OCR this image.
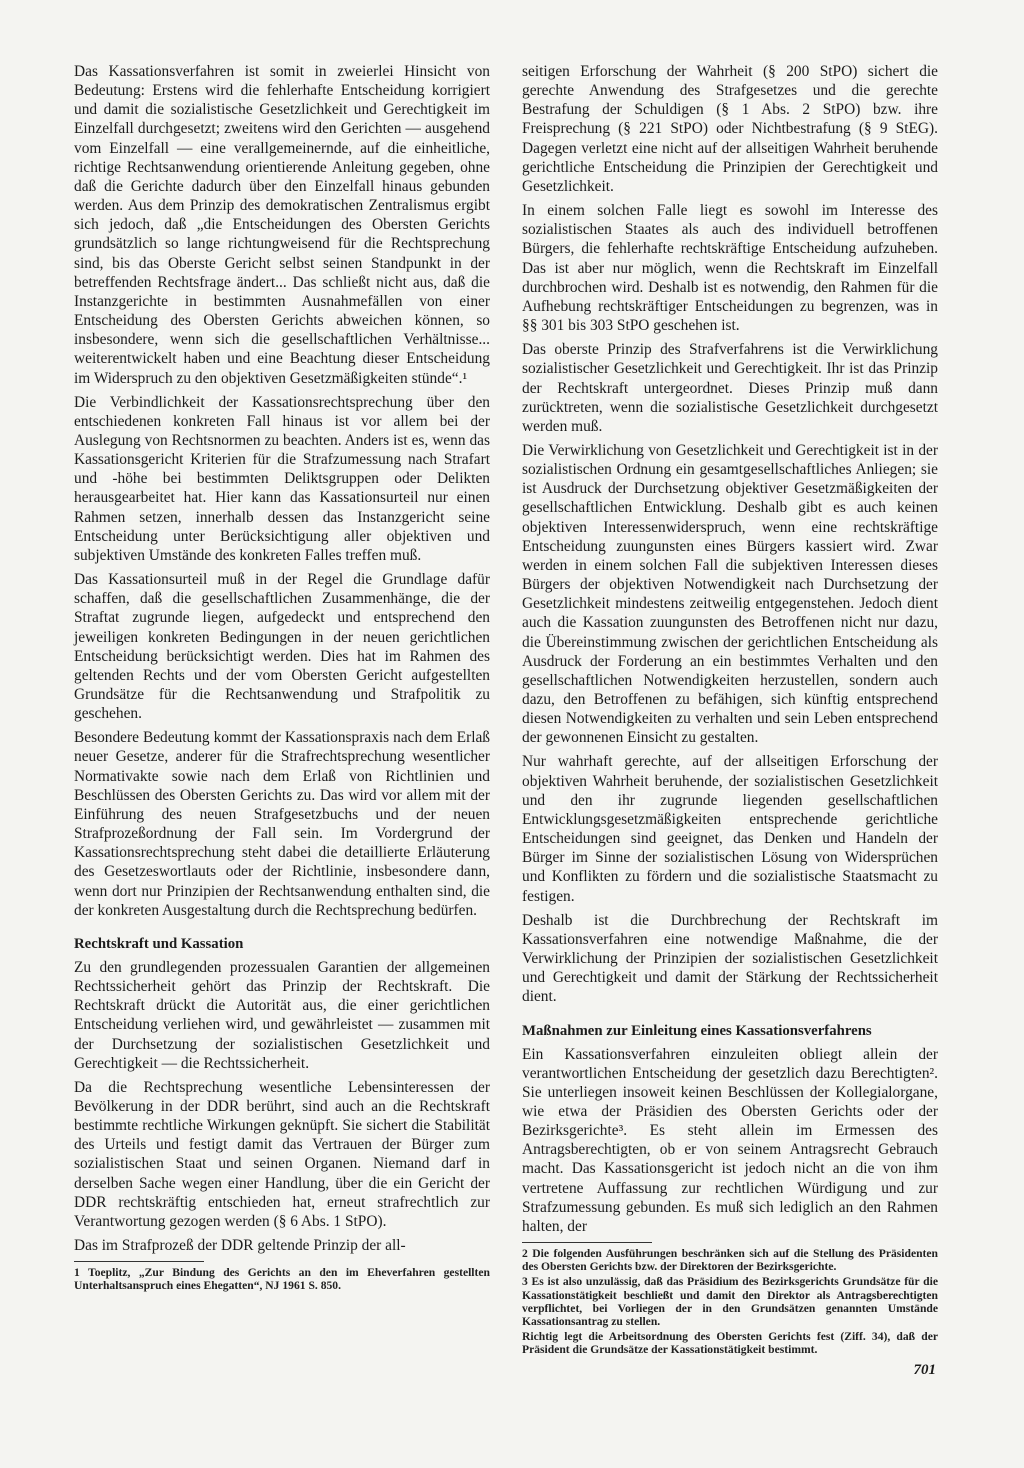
Das Kassationsverfahren ist somit in zweierlei Hinsicht von Bedeutung: Erstens wird die fehlerhafte Entscheidung korrigiert und damit die sozialistische Gesetzlichkeit und Gerechtigkeit im Einzelfall durchgesetzt; zweitens wird den Gerichten — ausgehend vom Einzelfall — eine verallgemeinernde, auf die einheitliche, richtige Rechtsanwendung orientierende Anleitung gegeben, ohne daß die Gerichte dadurch über den Einzelfall hinaus gebunden werden. Aus dem Prinzip des demokratischen Zentralismus ergibt sich jedoch, daß „die Entscheidungen des Obersten Gerichts grundsätzlich so lange richtungweisend für die Rechtsprechung sind, bis das Oberste Gericht selbst seinen Standpunkt in der betreffenden Rechtsfrage ändert... Das schließt nicht aus, daß die Instanzgerichte in bestimmten Ausnahmefällen von einer Entscheidung des Obersten Gerichts abweichen können, so insbesondere, wenn sich die gesellschaftlichen Verhältnisse... weiterentwickelt haben und eine Beachtung dieser Entscheidung im Widerspruch zu den objektiven Gesetzmäßigkeiten stünde“.¹

Die Verbindlichkeit der Kassationsrechtsprechung über den entschiedenen konkreten Fall hinaus ist vor allem bei der Auslegung von Rechtsnormen zu beachten. Anders ist es, wenn das Kassationsgericht Kriterien für die Strafzumessung nach Strafart und -höhe bei bestimmten Deliktsgruppen oder Delikten herausgearbeitet hat. Hier kann das Kassationsurteil nur einen Rahmen setzen, innerhalb dessen das Instanzgericht seine Entscheidung unter Berücksichtigung aller objektiven und subjektiven Umstände des konkreten Falles treffen muß.

Das Kassationsurteil muß in der Regel die Grundlage dafür schaffen, daß die gesellschaftlichen Zusammenhänge, die der Straftat zugrunde liegen, aufgedeckt und entsprechend den jeweiligen konkreten Bedingungen in der neuen gerichtlichen Entscheidung berücksichtigt werden. Dies hat im Rahmen des geltenden Rechts und der vom Obersten Gericht aufgestellten Grundsätze für die Rechtsanwendung und Strafpolitik zu geschehen.

Besondere Bedeutung kommt der Kassationspraxis nach dem Erlaß neuer Gesetze, anderer für die Strafrechtsprechung wesentlicher Normativakte sowie nach dem Erlaß von Richtlinien und Beschlüssen des Obersten Gerichts zu. Das wird vor allem mit der Einführung des neuen Strafgesetzbuchs und der neuen Strafprozeßordnung der Fall sein. Im Vordergrund der Kassationsrechtsprechung steht dabei die detaillierte Erläuterung des Gesetzeswortlauts oder der Richtlinie, insbesondere dann, wenn dort nur Prinzipien der Rechtsanwendung enthalten sind, die der konkreten Ausgestaltung durch die Rechtsprechung bedürfen.

Rechtskraft und Kassation

Zu den grundlegenden prozessualen Garantien der allgemeinen Rechtssicherheit gehört das Prinzip der Rechtskraft. Die Rechtskraft drückt die Autorität aus, die einer gerichtlichen Entscheidung verliehen wird, und gewährleistet — zusammen mit der Durchsetzung der sozialistischen Gesetzlichkeit und Gerechtigkeit — die Rechtssicherheit.

Da die Rechtsprechung wesentliche Lebensinteressen der Bevölkerung in der DDR berührt, sind auch an die Rechtskraft bestimmte rechtliche Wirkungen geknüpft. Sie sichert die Stabilität des Urteils und festigt damit das Vertrauen der Bürger zum sozialistischen Staat und seinen Organen. Niemand darf in derselben Sache wegen einer Handlung, über die ein Gericht der DDR rechtskräftig entschieden hat, erneut strafrechtlich zur Verantwortung gezogen werden (§ 6 Abs. 1 StPO).

Das im Strafprozeß der DDR geltende Prinzip der all-

1 Toeplitz, „Zur Bindung des Gerichts an den im Eheverfahren gestellten Unterhaltsanspruch eines Ehegatten“, NJ 1961 S. 850.

seitigen Erforschung der Wahrheit (§ 200 StPO) sichert die gerechte Anwendung des Strafgesetzes und die gerechte Bestrafung der Schuldigen (§ 1 Abs. 2 StPO) bzw. ihre Freisprechung (§ 221 StPO) oder Nichtbestrafung (§ 9 StEG). Dagegen verletzt eine nicht auf der allseitigen Wahrheit beruhende gerichtliche Entscheidung die Prinzipien der Gerechtigkeit und Gesetzlichkeit.

In einem solchen Falle liegt es sowohl im Interesse des sozialistischen Staates als auch des individuell betroffenen Bürgers, die fehlerhafte rechtskräftige Entscheidung aufzuheben. Das ist aber nur möglich, wenn die Rechtskraft im Einzelfall durchbrochen wird. Deshalb ist es notwendig, den Rahmen für die Aufhebung rechtskräftiger Entscheidungen zu begrenzen, was in §§ 301 bis 303 StPO geschehen ist.

Das oberste Prinzip des Strafverfahrens ist die Verwirklichung sozialistischer Gesetzlichkeit und Gerechtigkeit. Ihr ist das Prinzip der Rechtskraft untergeordnet. Dieses Prinzip muß dann zurücktreten, wenn die sozialistische Gesetzlichkeit durchgesetzt werden muß.

Die Verwirklichung von Gesetzlichkeit und Gerechtigkeit ist in der sozialistischen Ordnung ein gesamtgesellschaftliches Anliegen; sie ist Ausdruck der Durchsetzung objektiver Gesetzmäßigkeiten der gesellschaftlichen Entwicklung. Deshalb gibt es auch keinen objektiven Interessenwiderspruch, wenn eine rechtskräftige Entscheidung zuungunsten eines Bürgers kassiert wird. Zwar werden in einem solchen Fall die subjektiven Interessen dieses Bürgers der objektiven Notwendigkeit nach Durchsetzung der Gesetzlichkeit mindestens zeitweilig entgegenstehen. Jedoch dient auch die Kassation zuungunsten des Betroffenen nicht nur dazu, die Übereinstimmung zwischen der gerichtlichen Entscheidung als Ausdruck der Forderung an ein bestimmtes Verhalten und den gesellschaftlichen Notwendigkeiten herzustellen, sondern auch dazu, den Betroffenen zu befähigen, sich künftig entsprechend diesen Notwendigkeiten zu verhalten und sein Leben entsprechend der gewonnenen Einsicht zu gestalten.

Nur wahrhaft gerechte, auf der allseitigen Erforschung der objektiven Wahrheit beruhende, der sozialistischen Gesetzlichkeit und den ihr zugrunde liegenden gesellschaftlichen Entwicklungsgesetzmäßigkeiten entsprechende gerichtliche Entscheidungen sind geeignet, das Denken und Handeln der Bürger im Sinne der sozialistischen Lösung von Widersprüchen und Konflikten zu fördern und die sozialistische Staatsmacht zu festigen.

Deshalb ist die Durchbrechung der Rechtskraft im Kassationsverfahren eine notwendige Maßnahme, die der Verwirklichung der Prinzipien der sozialistischen Gesetzlichkeit und Gerechtigkeit und damit der Stärkung der Rechtssicherheit dient.

Maßnahmen zur Einleitung eines Kassationsverfahrens

Ein Kassationsverfahren einzuleiten obliegt allein der verantwortlichen Entscheidung der gesetzlich dazu Berechtigten². Sie unterliegen insoweit keinen Beschlüssen der Kollegialorgane, wie etwa der Präsidien des Obersten Gerichts oder der Bezirksgerichte³. Es steht allein im Ermessen des Antragsberechtigten, ob er von seinem Antragsrecht Gebrauch macht. Das Kassationsgericht ist jedoch nicht an die von ihm vertretene Auffassung zur rechtlichen Würdigung und zur Strafzumessung gebunden. Es muß sich lediglich an den Rahmen halten, der

2 Die folgenden Ausführungen beschränken sich auf die Stellung des Präsidenten des Obersten Gerichts bzw. der Direktoren der Bezirksgerichte.

3 Es ist also unzulässig, daß das Präsidium des Bezirksgerichts Grundsätze für die Kassationstätigkeit beschließt und damit den Direktor als Antragsberechtigten verpflichtet, bei Vorliegen der in den Grundsätzen genannten Umstände Kassationsantrag zu stellen.

Richtig legt die Arbeitsordnung des Obersten Gerichts fest (Ziff. 34), daß der Präsident die Grundsätze der Kassationstätigkeit bestimmt.

701
